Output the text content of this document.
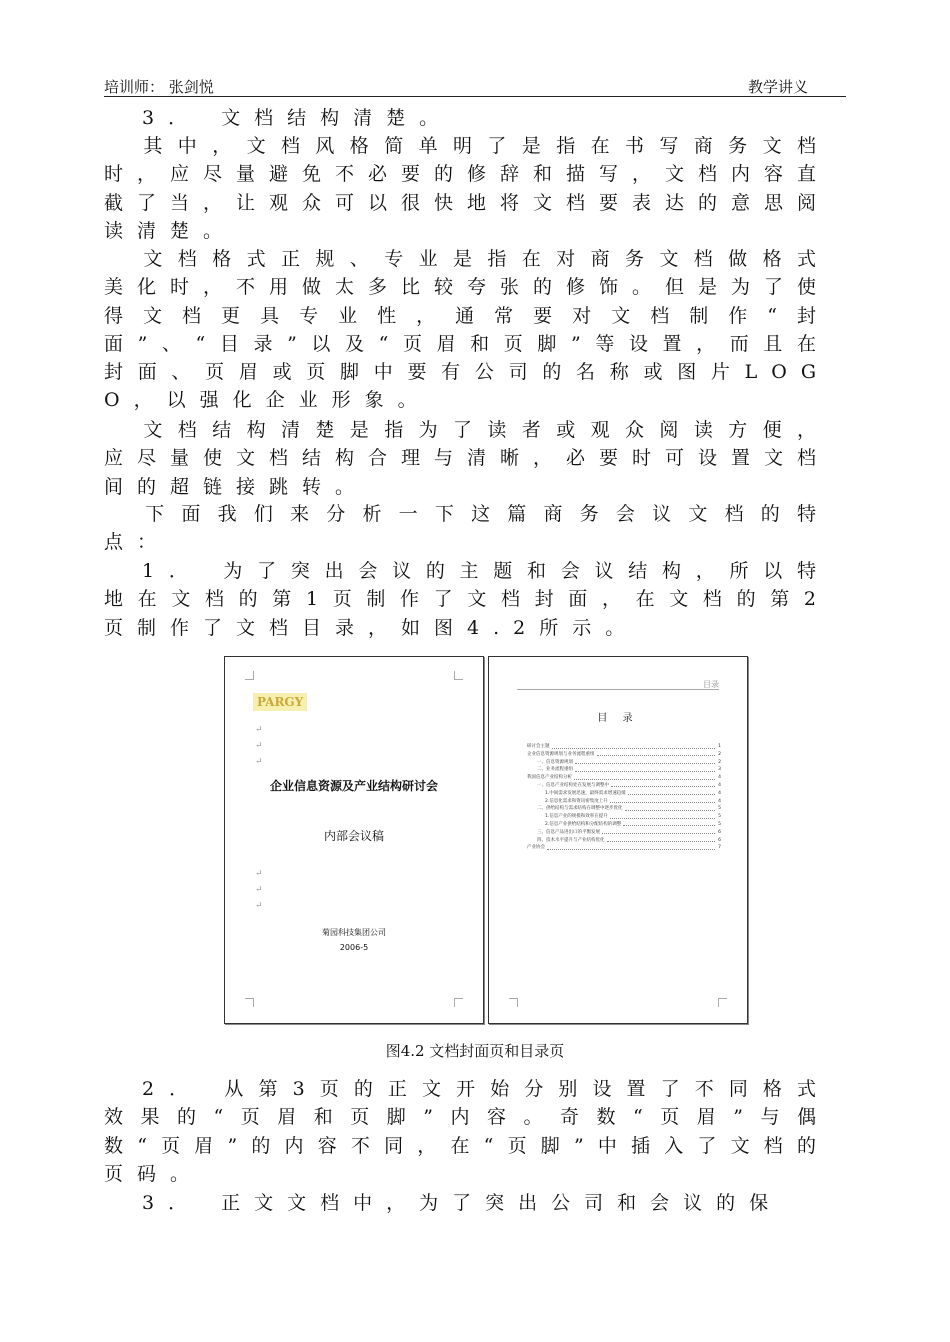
培训师： 张剑悦	教学讲义
3． 文档结构清楚。
其中，文档风格简单明了是指在书写商务文档时，应尽量避免不必要的修辞和描写，文档内容直截了当，让观众可以很快地将文档要表达的意思阅读清楚。
文档格式正规、专业是指在对商务文档做格式美化时，不用做太多比较夸张的修饰。但是为了使得文档更具专业性，通常要对文档制作“封面”、“目录”以及“页眉和页脚”等设置，而且在封面、页眉或页脚中要有公司的名称或图片LOGO，以强化企业形象。
文档结构清楚是指为了读者或观众阅读方便，应尽量使文档结构合理与清晰，必要时可设置文档间的超链接跳转。
下面我们来分析一下这篇商务会议文档的特点：
1． 为了突出会议的主题和会议结构，所以特地在文档的第1页制作了文档封面，在文档的第2页制作了文档目录，如图4.2所示。
PARGY
↵
↵
↵
企业信息资源及产业结构研讨会
内部会议稿
↵
↵
↵
菊园科技集团公司
2006-5
目录
目 录
研讨会主题	1
企业信息资源规划与业务流程重组	2
一、信息资源规划	2
二、业务流程重组	3
我国信息产业结构分析	4
一、信息产业结构处在发展与调整中	4
1.中间需求发展迅速，最终需求增速趋缓	4
2.信息化需求和资讯密集度上升	4
二、供给结构与需求结构在调整中逐步优化	5
1.信息产业的规模和效率在提升	5
2.信息产业供给结构和分配结构的调整	5
三、信息产品进出口的平衡发展	6
四、技术水平提升与产业结构优化	6
产业协会	7
图4.2 文档封面页和目录页
2． 从第3页的正文开始分别设置了不同格式效果的“页眉和页脚”内容。奇数“页眉”与偶数“页眉”的内容不同，在“页脚”中插入了文档的页码。
3． 正文文档中，为了突出公司和会议的保
